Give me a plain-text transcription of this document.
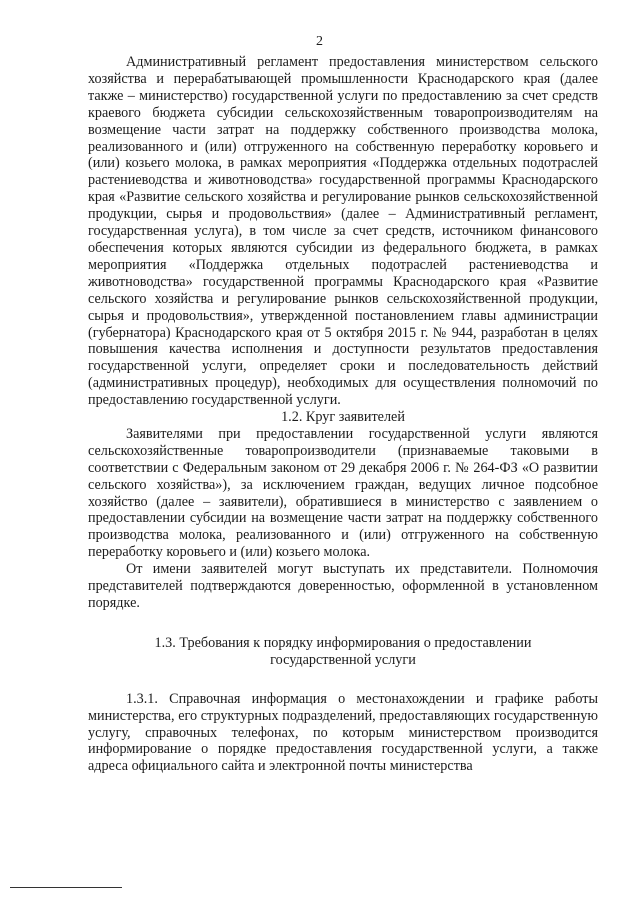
2

Административный регламент предоставления министерством сельского хозяйства и перерабатывающей промышленности Краснодарского края (далее также – министерство) государственной услуги по предоставлению за счет средств краевого бюджета субсидии сельскохозяйственным товаропроизводителям на возмещение части затрат на поддержку собственного производства молока, реализованного и (или) отгруженного на собственную переработку коровьего и (или) козьего молока, в рамках мероприятия «Поддержка отдельных подотраслей растениеводства и животноводства» государственной программы Краснодарского края «Развитие сельского хозяйства и регулирование рынков сельскохозяйственной продукции, сырья и продовольствия» (далее – Административный регламент, государственная услуга), в том числе за счет средств, источником финансового обеспечения которых являются субсидии из федерального бюджета, в рамках мероприятия «Поддержка отдельных подотраслей растениеводства и животноводства» государственной программы Краснодарского края «Развитие сельского хозяйства и регулирование рынков сельскохозяйственной продукции, сырья и продовольствия», утвержденной постановлением главы администрации (губернатора) Краснодарского края от 5 октября 2015 г. № 944, разработан в целях повышения качества исполнения и доступности результатов предоставления государственной услуги, определяет сроки и последовательность действий (административных процедур), необходимых для осуществления полномочий по предоставлению государственной услуги.

1.2. Круг заявителей

Заявителями при предоставлении государственной услуги являются сельскохозяйственные товаропроизводители (признаваемые таковыми в соответствии с Федеральным законом от 29 декабря 2006 г. № 264-ФЗ «О развитии сельского хозяйства»), за исключением граждан, ведущих личное подсобное хозяйство (далее – заявители), обратившиеся в министерство с заявлением о предоставлении субсидии на возмещение части затрат на поддержку собственного производства молока, реализованного и (или) отгруженного на собственную переработку коровьего и (или) козьего молока.

От имени заявителей могут выступать их представители. Полномочия представителей подтверждаются доверенностью, оформленной в установленном порядке.

1.3. Требования к порядку информирования о предоставлении
государственной услуги

1.3.1. Справочная информация о местонахождении и графике работы министерства, его структурных подразделений, предоставляющих государственную услугу, справочных телефонах, по которым министерством производится информирование о порядке предоставления государственной услуги, а также адреса официального сайта и электронной почты министерства
